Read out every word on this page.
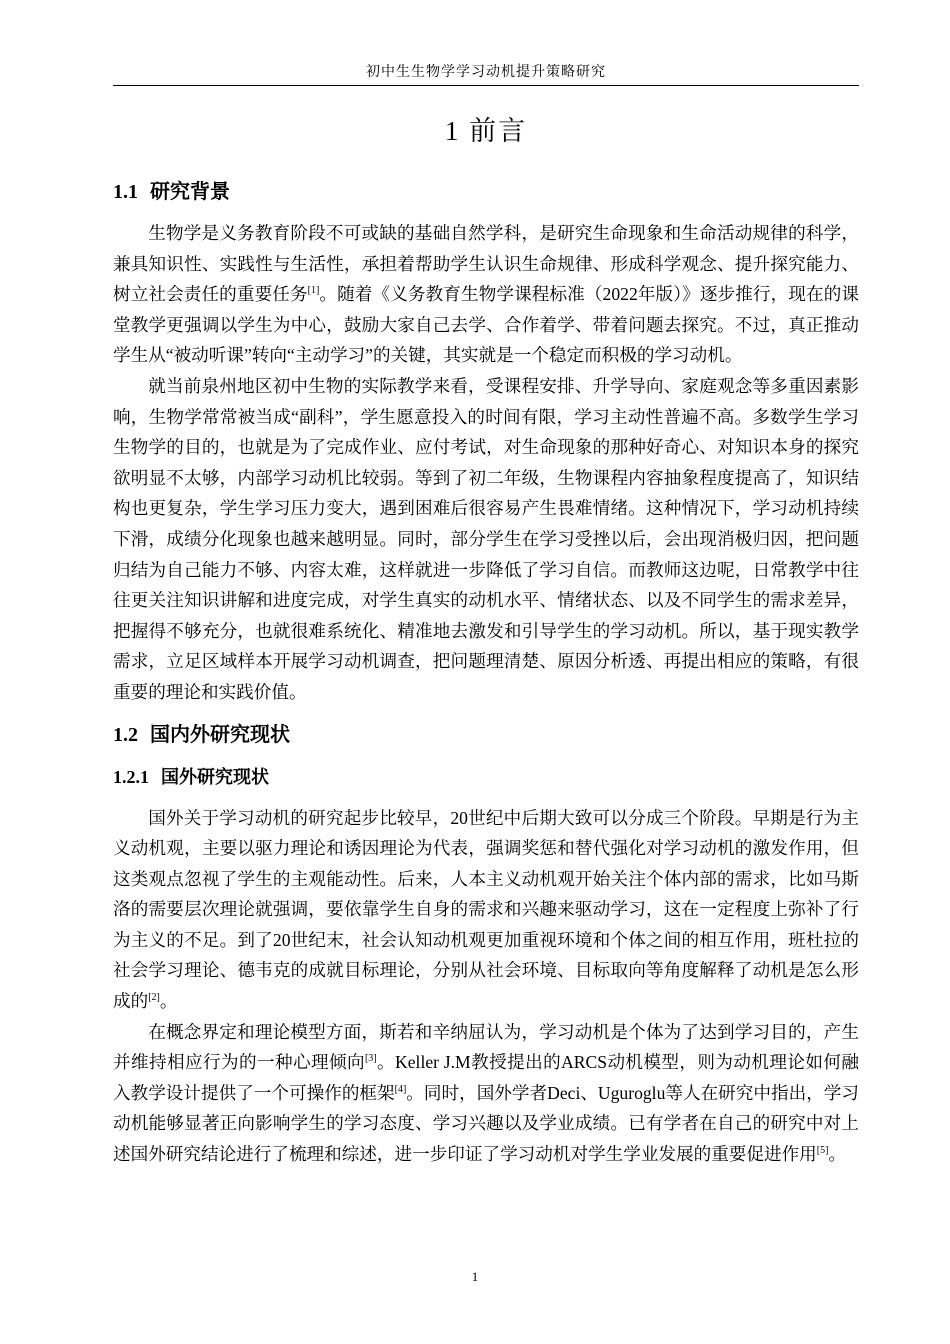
初中生生物学学习动机提升策略研究
1 前言
1.1 研究背景

生物学是义务教育阶段不可或缺的基础自然学科，是研究生命现象和生命活动规律的科学，兼具知识性、实践性与生活性，承担着帮助学生认识生命规律、形成科学观念、提升探究能力、树立社会责任的重要任务[1]。随着《义务教育生物学课程标准（2022年版）》逐步推行，现在的课堂教学更强调以学生为中心，鼓励大家自己去学、合作着学、带着问题去探究。不过，真正推动学生从“被动听课”转向“主动学习”的关键，其实就是一个稳定而积极的学习动机。

就当前泉州地区初中生物的实际教学来看，受课程安排、升学导向、家庭观念等多重因素影响，生物学常常被当成“副科”，学生愿意投入的时间有限，学习主动性普遍不高。多数学生学习生物学的目的，也就是为了完成作业、应付考试，对生命现象的那种好奇心、对知识本身的探究欲明显不太够，内部学习动机比较弱。等到了初二年级，生物课程内容抽象程度提高了，知识结构也更复杂，学生学习压力变大，遇到困难后很容易产生畏难情绪。这种情况下，学习动机持续下滑，成绩分化现象也越来越明显。同时，部分学生在学习受挫以后，会出现消极归因，把问题归结为自己能力不够、内容太难，这样就进一步降低了学习自信。而教师这边呢，日常教学中往往更关注知识讲解和进度完成，对学生真实的动机水平、情绪状态、以及不同学生的需求差异，把握得不够充分，也就很难系统化、精准地去激发和引导学生的学习动机。所以，基于现实教学需求，立足区域样本开展学习动机调查，把问题理清楚、原因分析透、再提出相应的策略，有很重要的理论和实践价值。

1.2 国内外研究现状
1.2.1 国外研究现状

国外关于学习动机的研究起步比较早，20世纪中后期大致可以分成三个阶段。早期是行为主义动机观，主要以驱力理论和诱因理论为代表，强调奖惩和替代强化对学习动机的激发作用，但这类观点忽视了学生的主观能动性。后来，人本主义动机观开始关注个体内部的需求，比如马斯洛的需要层次理论就强调，要依靠学生自身的需求和兴趣来驱动学习，这在一定程度上弥补了行为主义的不足。到了20世纪末，社会认知动机观更加重视环境和个体之间的相互作用，班杜拉的社会学习理论、德韦克的成就目标理论，分别从社会环境、目标取向等角度解释了动机是怎么形成的[2]。

在概念界定和理论模型方面，斯若和辛纳屈认为，学习动机是个体为了达到学习目的，产生并维持相应行为的一种心理倾向[3]。Keller J.M教授提出的ARCS动机模型，则为动机理论如何融入教学设计提供了一个可操作的框架[4]。同时，国外学者Deci、Uguroglu等人在研究中指出，学习动机能够显著正向影响学生的学习态度、学习兴趣以及学业成绩。已有学者在自己的研究中对上述国外研究结论进行了梳理和综述，进一步印证了学习动机对学生学业发展的重要促进作用[5]。

1
